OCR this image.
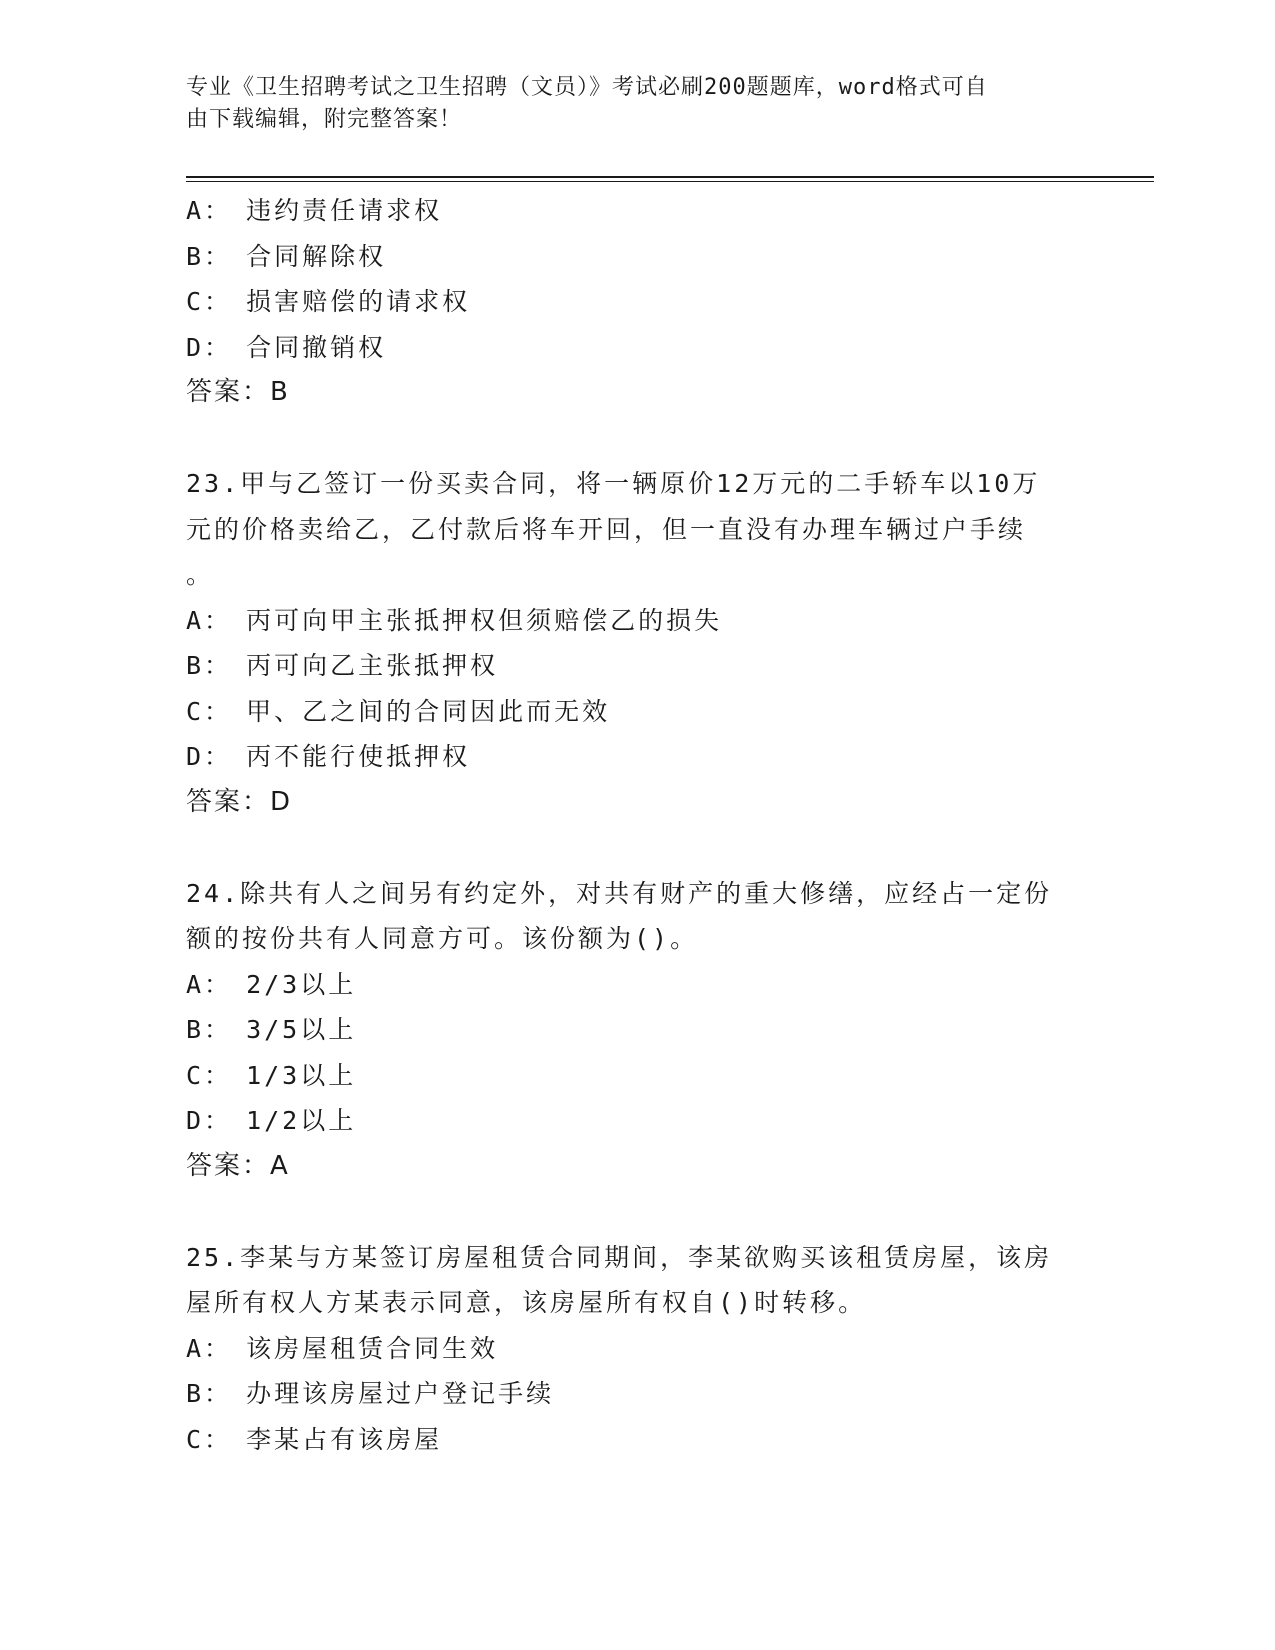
专业《卫生招聘考试之卫生招聘（文员）》考试必刷200题题库，word格式可自
由下载编辑，附完整答案！
A： 违约责任请求权
B： 合同解除权
C： 损害赔偿的请求权
D： 合同撤销权
答案：B
23.甲与乙签订一份买卖合同，将一辆原价12万元的二手轿车以10万
元的价格卖给乙，乙付款后将车开回，但一直没有办理车辆过户手续
。
A： 丙可向甲主张抵押权但须赔偿乙的损失
B： 丙可向乙主张抵押权
C： 甲、乙之间的合同因此而无效
D： 丙不能行使抵押权
答案：D
24.除共有人之间另有约定外，对共有财产的重大修缮，应经占一定份
额的按份共有人同意方可。该份额为()。
A： 2/3以上
B： 3/5以上
C： 1/3以上
D： 1/2以上
答案：A
25.李某与方某签订房屋租赁合同期间，李某欲购买该租赁房屋，该房
屋所有权人方某表示同意，该房屋所有权自()时转移。
A： 该房屋租赁合同生效
B： 办理该房屋过户登记手续
C： 李某占有该房屋
